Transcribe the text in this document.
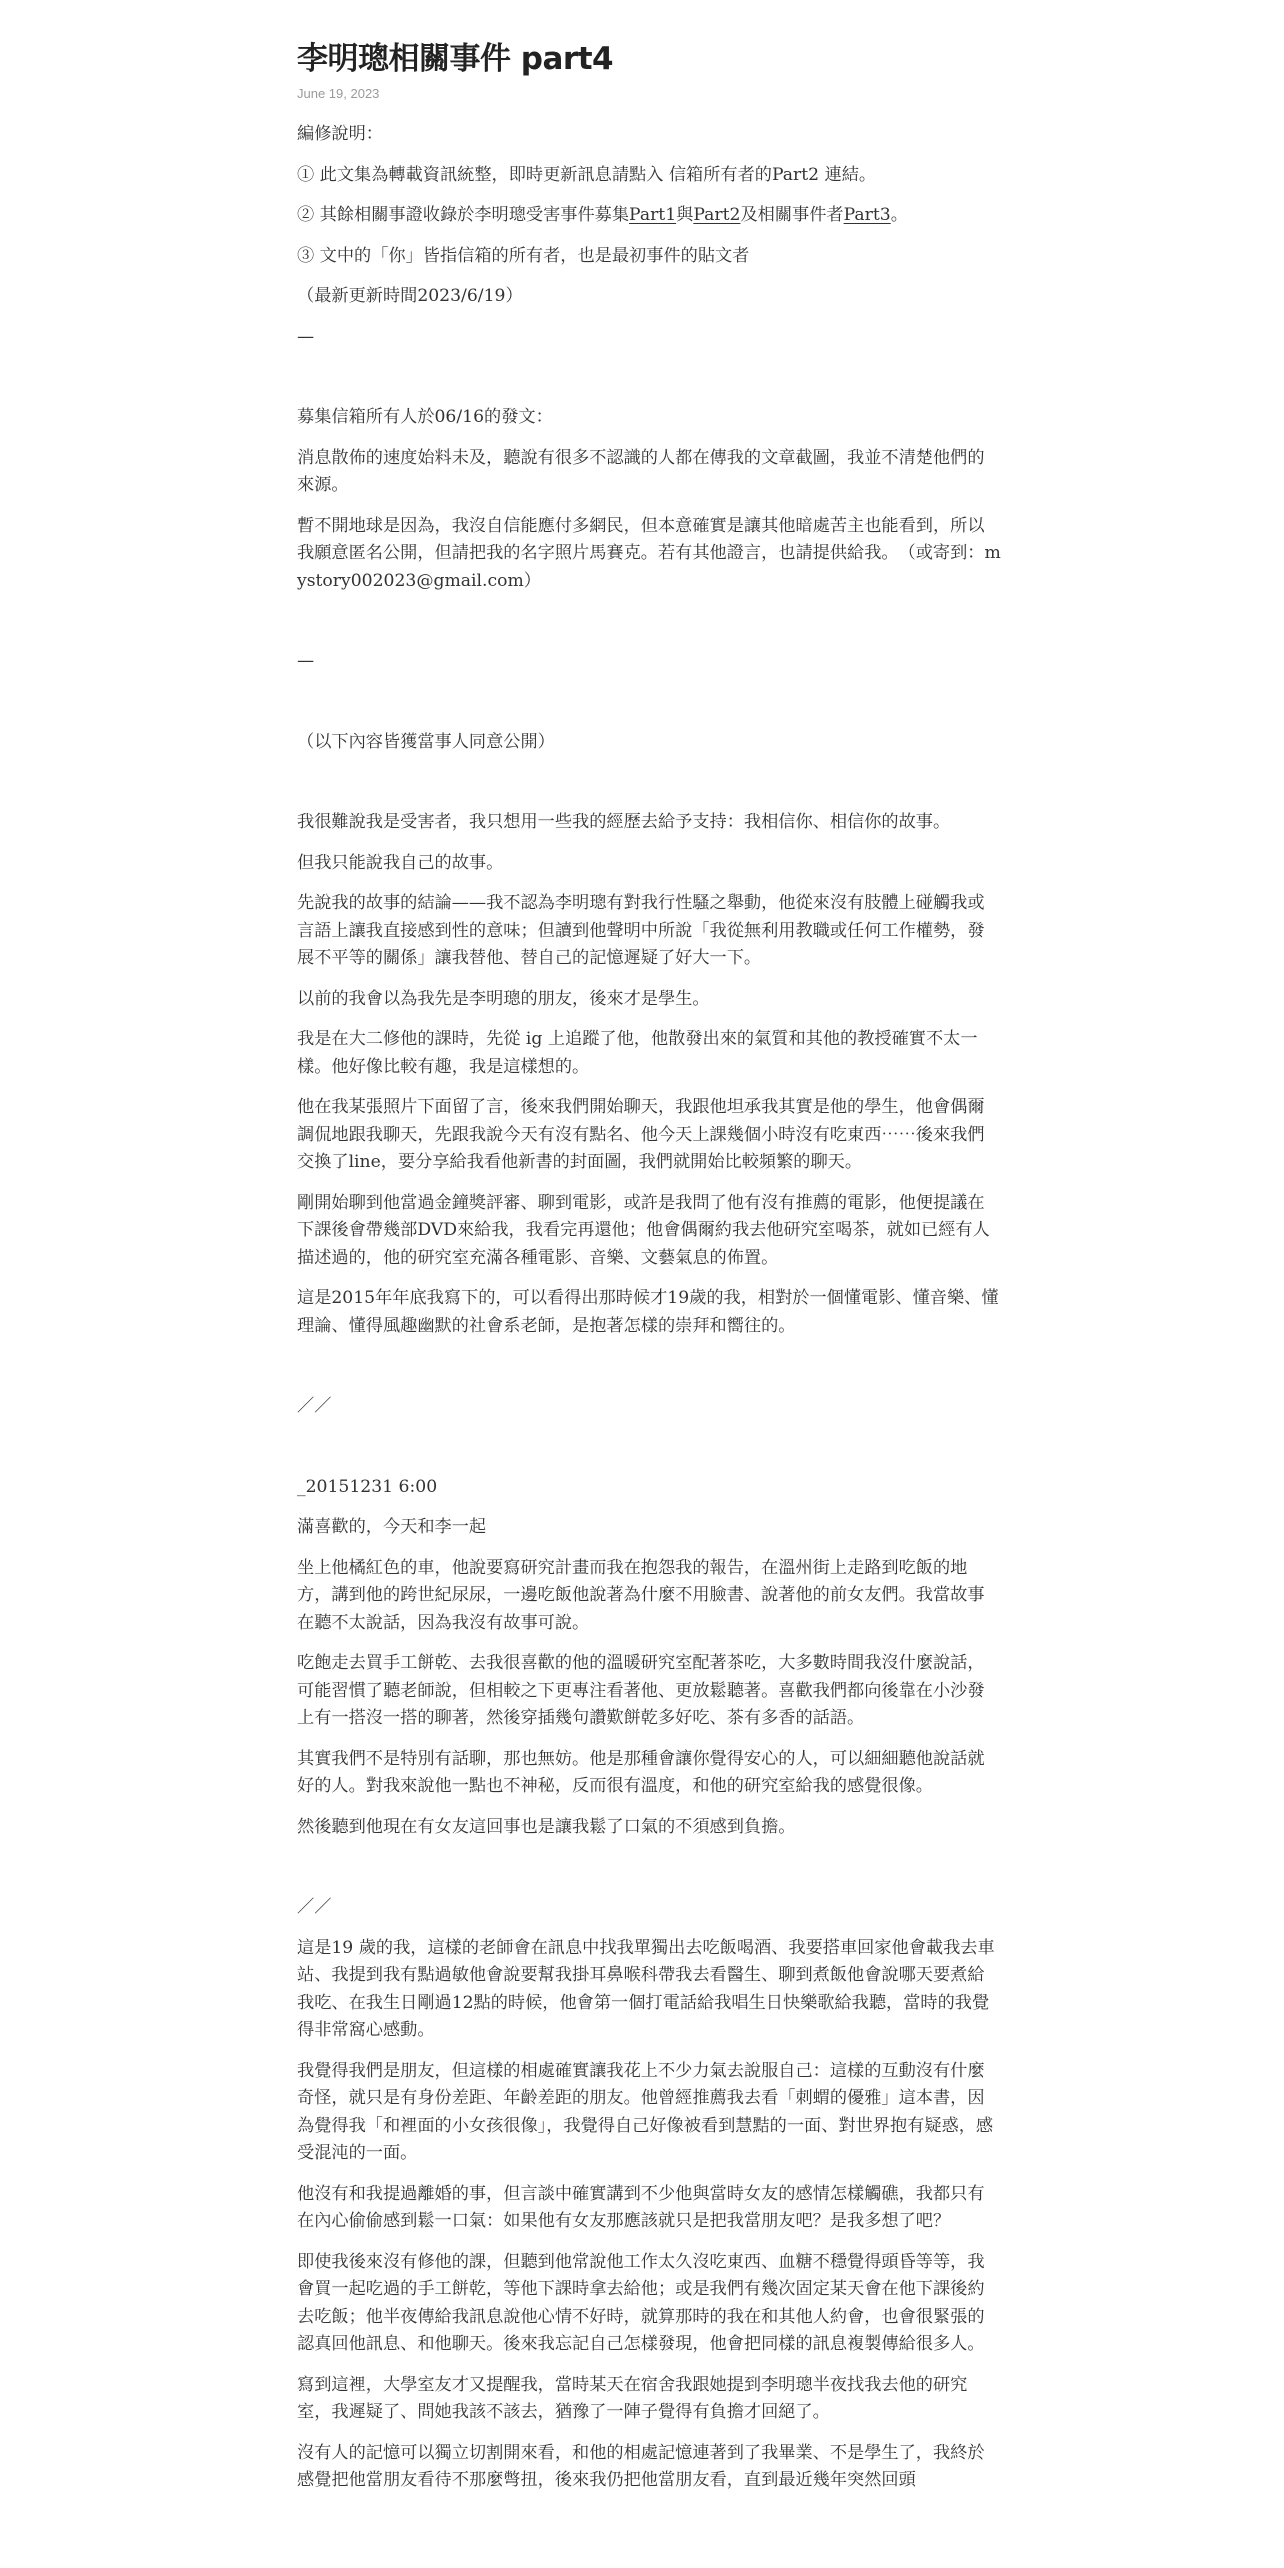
李明璁相關事件 part4
June 19, 2023

編修說明：

① 此文集為轉載資訊統整，即時更新訊息請點入 信箱所有者的Part2 連結。

② 其餘相關事證收錄於李明璁受害事件募集Part1與Part2及相關事件者Part3。

③ 文中的「你」皆指信箱的所有者，也是最初事件的貼文者

（最新更新時間2023/6/19）

—

募集信箱所有人於06/16的發文：

消息散佈的速度始料未及，聽說有很多不認識的人都在傳我的文章截圖，我並不清楚他們的來源。

暫不開地球是因為，我沒自信能應付多網民，但本意確實是讓其他暗處苦主也能看到，所以我願意匿名公開，但請把我的名字照片馬賽克。若有其他證言，也請提供給我。　（或寄到：mystory002023@gmail.com）

—

（以下內容皆獲當事人同意公開）

我很難說我是受害者，我只想用一些我的經歷去給予支持：我相信你、相信你的故事。

但我只能說我自己的故事。

先說我的故事的結論——我不認為李明璁有對我行性騷之舉動，他從來沒有肢體上碰觸我或言語上讓我直接感到性的意味；但讀到他聲明中所說「我從無利用教職或任何工作權勢，發展不平等的關係」讓我替他、替自己的記憶遲疑了好大一下。

以前的我會以為我先是李明璁的朋友，後來才是學生。

我是在大二修他的課時，先從 ig 上追蹤了他，他散發出來的氣質和其他的教授確實不太一樣。他好像比較有趣，我是這樣想的。

他在我某張照片下面留了言，後來我們開始聊天，我跟他坦承我其實是他的學生，他會偶爾調侃地跟我聊天，先跟我說今天有沒有點名、他今天上課幾個小時沒有吃東西⋯⋯後來我們交換了line，要分享給我看他新書的封面圖，我們就開始比較頻繁的聊天。

剛開始聊到他當過金鐘獎評審、聊到電影，或許是我問了他有沒有推薦的電影，他便提議在下課後會帶幾部DVD來給我，我看完再還他；他會偶爾約我去他研究室喝茶，就如已經有人描述過的，他的研究室充滿各種電影、音樂、文藝氣息的佈置。

這是2015年年底我寫下的，可以看得出那時候才19歲的我，相對於一個懂電影、懂音樂、懂理論、懂得風趣幽默的社會系老師，是抱著怎樣的崇拜和嚮往的。

／／

_20151231 6:00

滿喜歡的，今天和李一起

坐上他橘紅色的車，他說要寫研究計畫而我在抱怨我的報告，在溫州街上走路到吃飯的地方，講到他的跨世紀尿尿，一邊吃飯他說著為什麼不用臉書、說著他的前女友們。我當故事在聽不太說話，因為我沒有故事可說。

吃飽走去買手工餅乾、去我很喜歡的他的溫暖研究室配著茶吃，大多數時間我沒什麼說話，可能習慣了聽老師說，但相較之下更專注看著他、更放鬆聽著。喜歡我們都向後靠在小沙發上有一搭沒一搭的聊著，然後穿插幾句讚歎餅乾多好吃、茶有多香的話語。

其實我們不是特別有話聊，那也無妨。他是那種會讓你覺得安心的人，可以細細聽他說話就好的人。對我來說他一點也不神秘，反而很有溫度，和他的研究室給我的感覺很像。

然後聽到他現在有女友這回事也是讓我鬆了口氣的不須感到負擔。

／／

這是19 歲的我，這樣的老師會在訊息中找我單獨出去吃飯喝酒、我要搭車回家他會載我去車站、我提到我有點過敏他會說要幫我掛耳鼻喉科帶我去看醫生、聊到煮飯他會說哪天要煮給我吃、在我生日剛過12點的時候，他會第一個打電話給我唱生日快樂歌給我聽，當時的我覺得非常窩心感動。

我覺得我們是朋友，但這樣的相處確實讓我花上不少力氣去說服自己：這樣的互動沒有什麼奇怪，就只是有身份差距、年齡差距的朋友。他曾經推薦我去看「刺蝟的優雅」這本書，因為覺得我「和裡面的小女孩很像」，我覺得自己好像被看到慧黠的一面、對世界抱有疑惑，感受混沌的一面。

他沒有和我提過離婚的事，但言談中確實講到不少他與當時女友的感情怎樣觸礁，我都只有在內心偷偷感到鬆一口氣：如果他有女友那應該就只是把我當朋友吧？是我多想了吧？

即使我後來沒有修他的課，但聽到他常說他工作太久沒吃東西、血糖不穩覺得頭昏等等，我會買一起吃過的手工餅乾，等他下課時拿去給他；或是我們有幾次固定某天會在他下課後約去吃飯；他半夜傳給我訊息說他心情不好時，就算那時的我在和其他人約會，也會很緊張的認真回他訊息、和他聊天。後來我忘記自己怎樣發現，他會把同樣的訊息複製傳給很多人。

寫到這裡，大學室友才又提醒我，當時某天在宿舍我跟她提到李明璁半夜找我去他的研究室，我遲疑了、問她我該不該去，猶豫了一陣子覺得有負擔才回絕了。

沒有人的記憶可以獨立切割開來看，和他的相處記憶連著到了我畢業、不是學生了，我終於感覺把他當朋友看待不那麼彆扭，後來我仍把他當朋友看，直到最近幾年突然回頭
